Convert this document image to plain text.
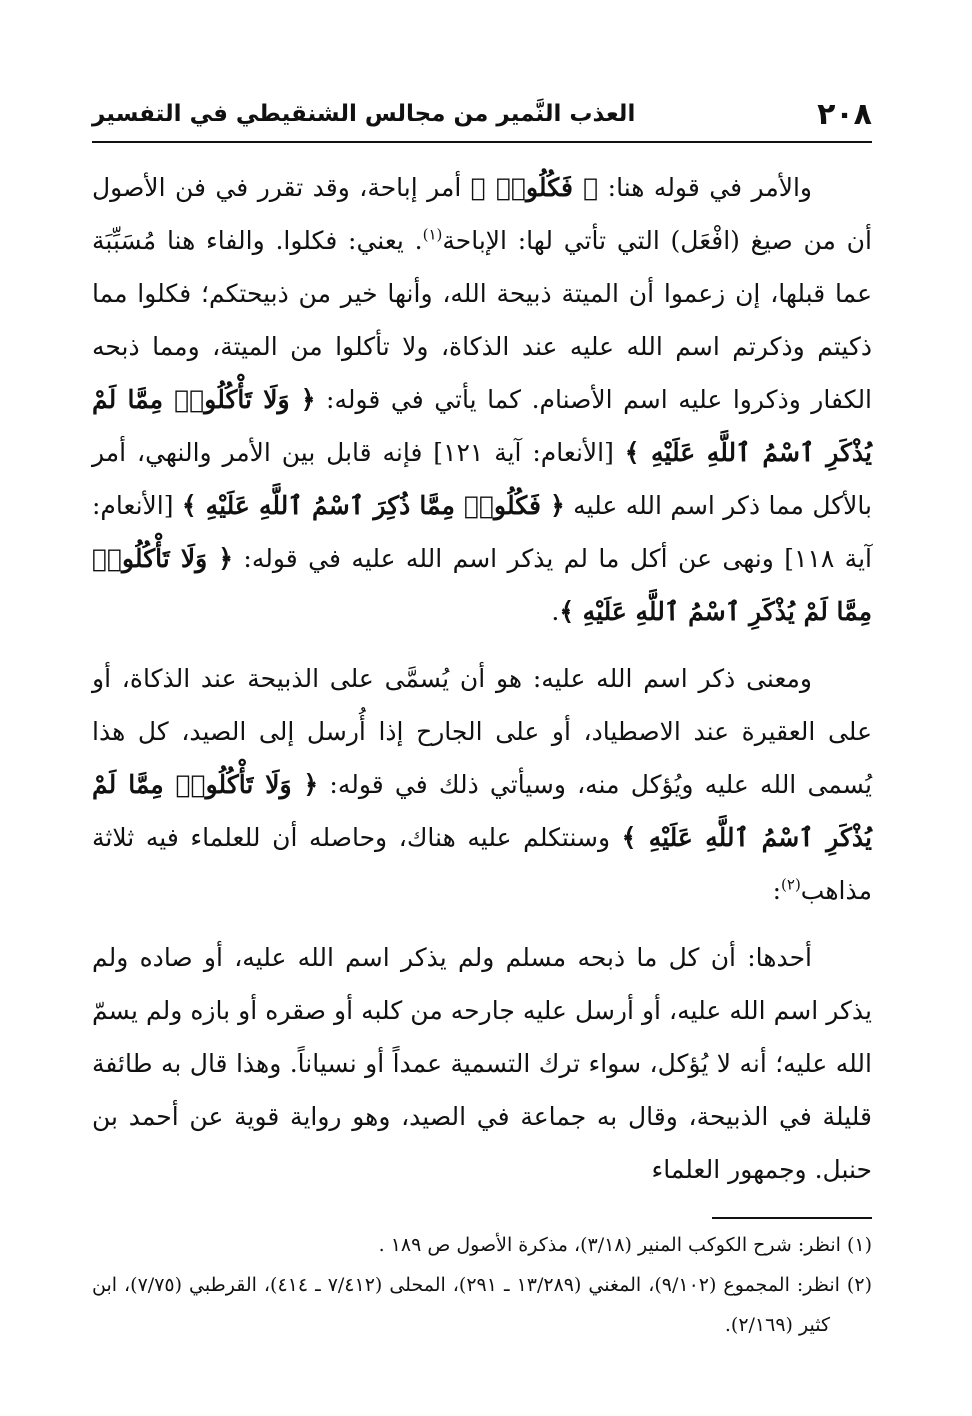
٢٠٨
العذب النَّمير من مجالس الشنقيطي في التفسير

والأمر في قوله هنا: ﴿ فَكُلُوا۟ ﴾ أمر إباحة، وقد تقرر في فن الأصول أن من صيغ (افْعَل) التي تأتي لها: الإباحة$^{(١)}$. يعني: فكلوا. والفاء هنا مُسَبِّبَة عما قبلها، إن زعموا أن الميتة ذبيحة الله، وأنها خير من ذبيحتكم؛ فكلوا مما ذكيتم وذكرتم اسم الله عليه عند الذكاة، ولا تأكلوا من الميتة، ومما ذبحه الكفار وذكروا عليه اسم الأصنام. كما يأتي في قوله: ﴿ وَلَا تَأْكُلُوا۟ مِمَّا لَمْ يُذْكَرِ ٱسْمُ ٱللَّهِ عَلَيْهِ ﴾ [الأنعام: آية ١٢١] فإنه قابل بين الأمر والنهي، أمر بالأكل مما ذكر اسم الله عليه ﴿ فَكُلُوا۟ مِمَّا ذُكِرَ ٱسْمُ ٱللَّهِ عَلَيْهِ ﴾ [الأنعام: آية ١١٨] ونهى عن أكل ما لم يذكر اسم الله عليه في قوله: ﴿ وَلَا تَأْكُلُوا۟ مِمَّا لَمْ يُذْكَرِ ٱسْمُ ٱللَّهِ عَلَيْهِ ﴾.

ومعنى ذكر اسم الله عليه: هو أن يُسمَّى على الذبيحة عند الذكاة، أو على العقيرة عند الاصطياد، أو على الجارح إذا أُرسل إلى الصيد، كل هذا يُسمى الله عليه ويُؤكل منه، وسيأتي ذلك في قوله: ﴿ وَلَا تَأْكُلُوا۟ مِمَّا لَمْ يُذْكَرِ ٱسْمُ ٱللَّهِ عَلَيْهِ ﴾ وسنتكلم عليه هناك، وحاصله أن للعلماء فيه ثلاثة مذاهب$^{(٢)}$:

أحدها: أن كل ما ذبحه مسلم ولم يذكر اسم الله عليه، أو صاده ولم يذكر اسم الله عليه، أو أرسل عليه جارحه من كلبه أو صقره أو بازه ولم يسمّ الله عليه؛ أنه لا يُؤكل، سواء ترك التسمية عمداً أو نسياناً. وهذا قال به طائفة قليلة في الذبيحة، وقال به جماعة في الصيد، وهو رواية قوية عن أحمد بن حنبل. وجمهور العلماء

(١) انظر: شرح الكوكب المنير (٣/١٨)، مذكرة الأصول ص ١٨٩ .
(٢) انظر: المجموع (٩/١٠٢)، المغني (١٣/٢٨٩ ـ ٢٩١)، المحلى (٧/٤١٢ ـ ٤١٤)، القرطبي (٧/٧٥)، ابن كثير (٢/١٦٩).
